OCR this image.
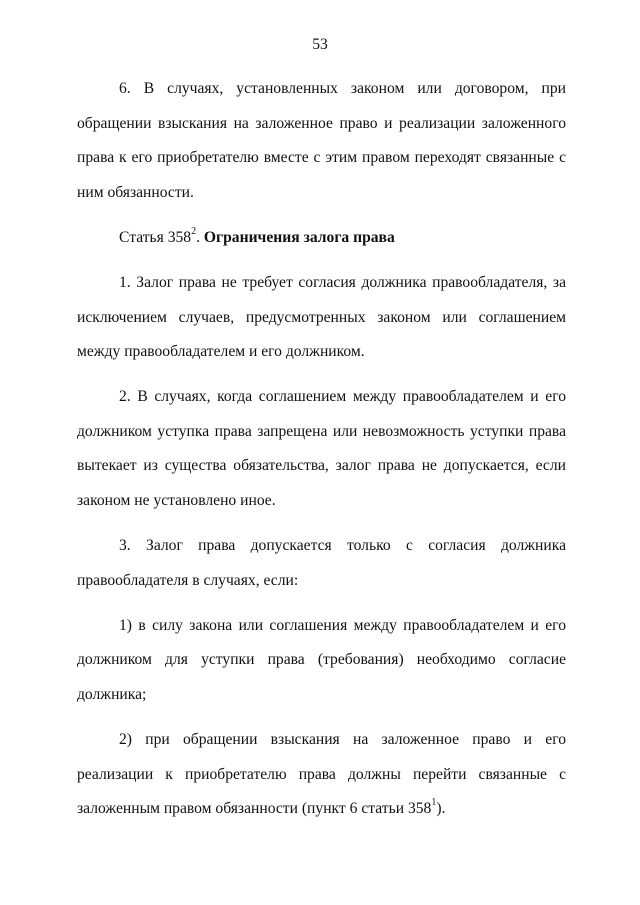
53

6. В случаях, установленных законом или договором, при обращении взыскания на заложенное право и реализации заложенного права к его приобретателю вместе с этим правом переходят связанные с ним обязанности.

Статья $358^2$. Ограничения залога права

1. Залог права не требует согласия должника правообладателя, за исключением случаев, предусмотренных законом или соглашением между правообладателем и его должником.

2. В случаях, когда соглашением между правообладателем и его должником уступка права запрещена или невозможность уступки права вытекает из существа обязательства, залог права не допускается, если законом не установлено иное.

3. Залог права допускается только с согласия должника правообладателя в случаях, если:

1) в силу закона или соглашения между правообладателем и его должником для уступки права (требования) необходимо согласие должника;

2) при обращении взыскания на заложенное право и его реализации к приобретателю права должны перейти связанные с заложенным правом обязанности (пункт 6 статьи $358^1$).
